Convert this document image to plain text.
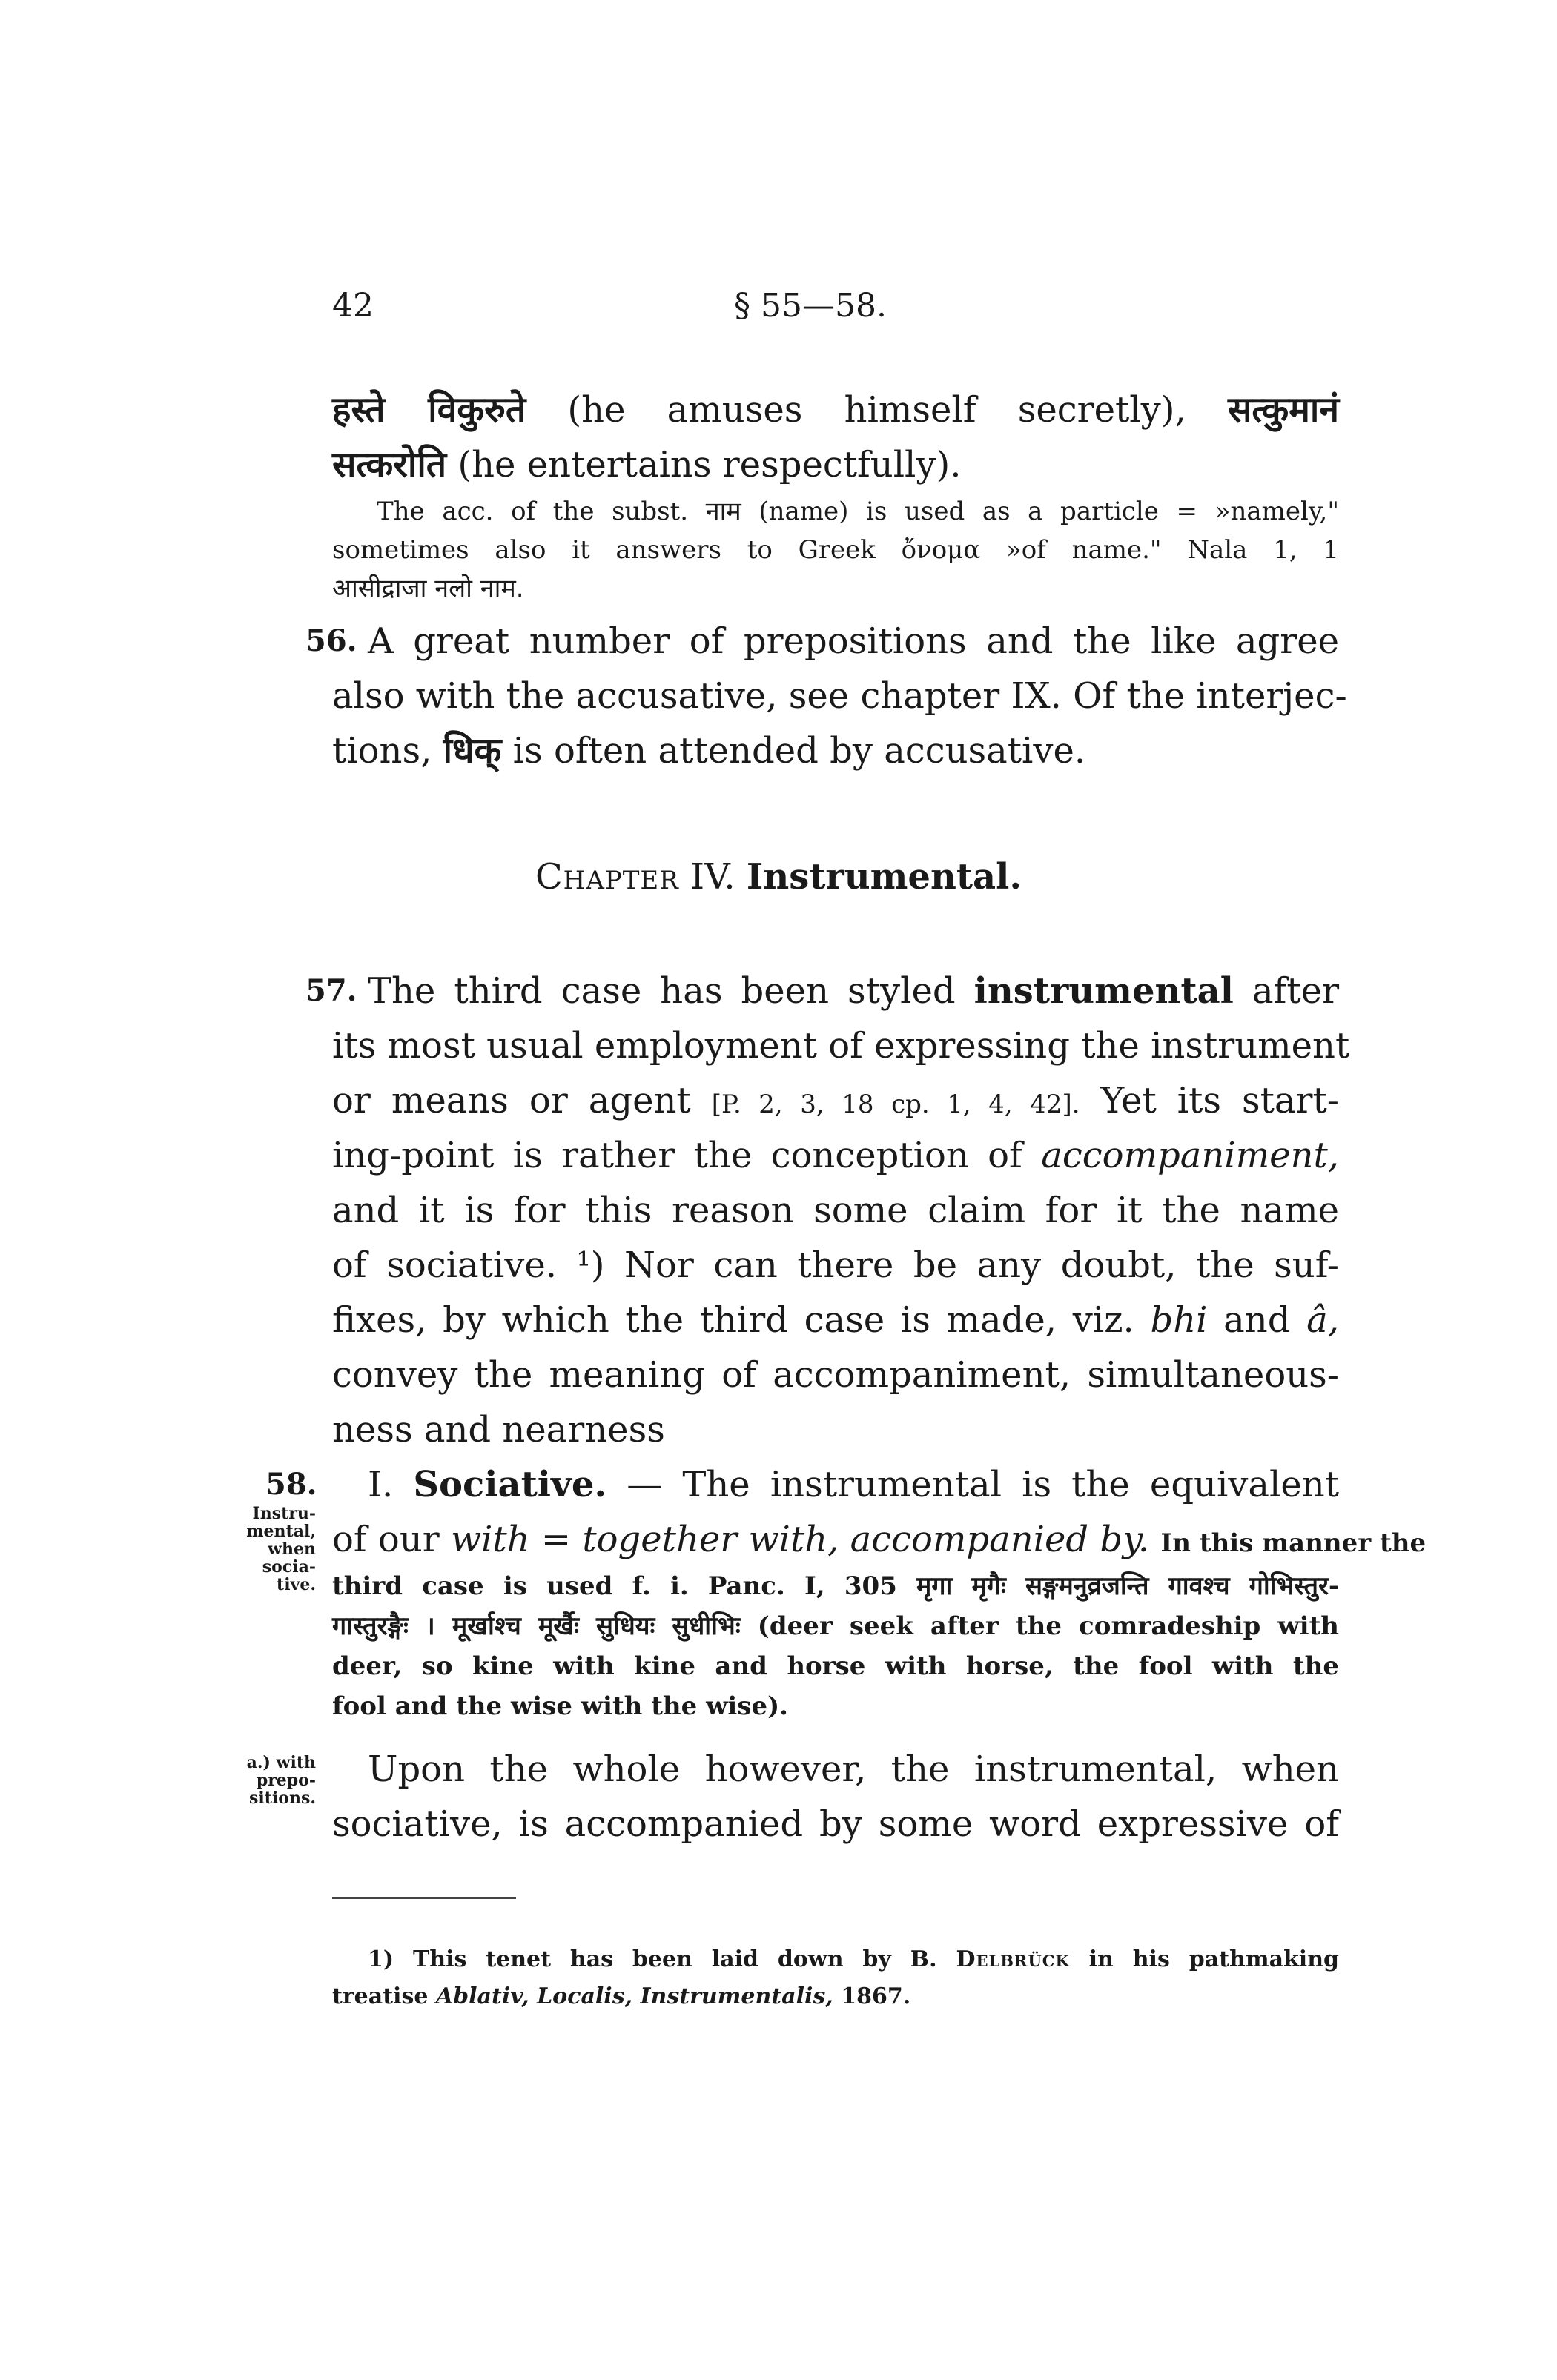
42	§ 55—58.
हस्ते विकुरुते (he amuses himself secretly), सत्कुमानं
सत्करोति (he entertains respectfully).
The acc. of the subst. नाम (name) is used as a particle = »namely,"
sometimes also it answers to Greek ὄνομα »of name." Nala 1, 1
आसीद्राजा नलो नाम.
56. A great number of prepositions and the like agree
also with the accusative, see chapter IX. Of the interjec-
tions, धिक् is often attended by accusative.
Chapter IV. Instrumental.
57. The third case has been styled instrumental after
its most usual employment of expressing the instrument
or means or agent [P. 2, 3, 18 cp. 1, 4, 42]. Yet its start-
ing-point is rather the conception of accompaniment,
and it is for this reason some claim for it the name
of sociative. ¹) Nor can there be any doubt, the suf-
fixes, by which the third case is made, viz. bhi and â,
convey the meaning of accompaniment, simultaneous-
ness and nearness
58.
Instru-
mental,
when
socia-
tive.
I. Sociative. — The instrumental is the equivalent
of our with = together with, accompanied by. In this manner the
third case is used f. i. Panc. I, 305 मृगा मृगैः सङ्गमनुव्रजन्ति गावश्च गोभिस्तुर-
गास्तुरङ्गैः । मूर्खाश्च मूर्खैः सुधियः सुधीभिः (deer seek after the comradeship with
deer, so kine with kine and horse with horse, the fool with the
fool and the wise with the wise).
a.) with
prepo-
sitions.
Upon the whole however, the instrumental, when
sociative, is accompanied by some word expressive of
1) This tenet has been laid down by B. Delbrück in his pathmaking
treatise Ablativ, Localis, Instrumentalis, 1867.
